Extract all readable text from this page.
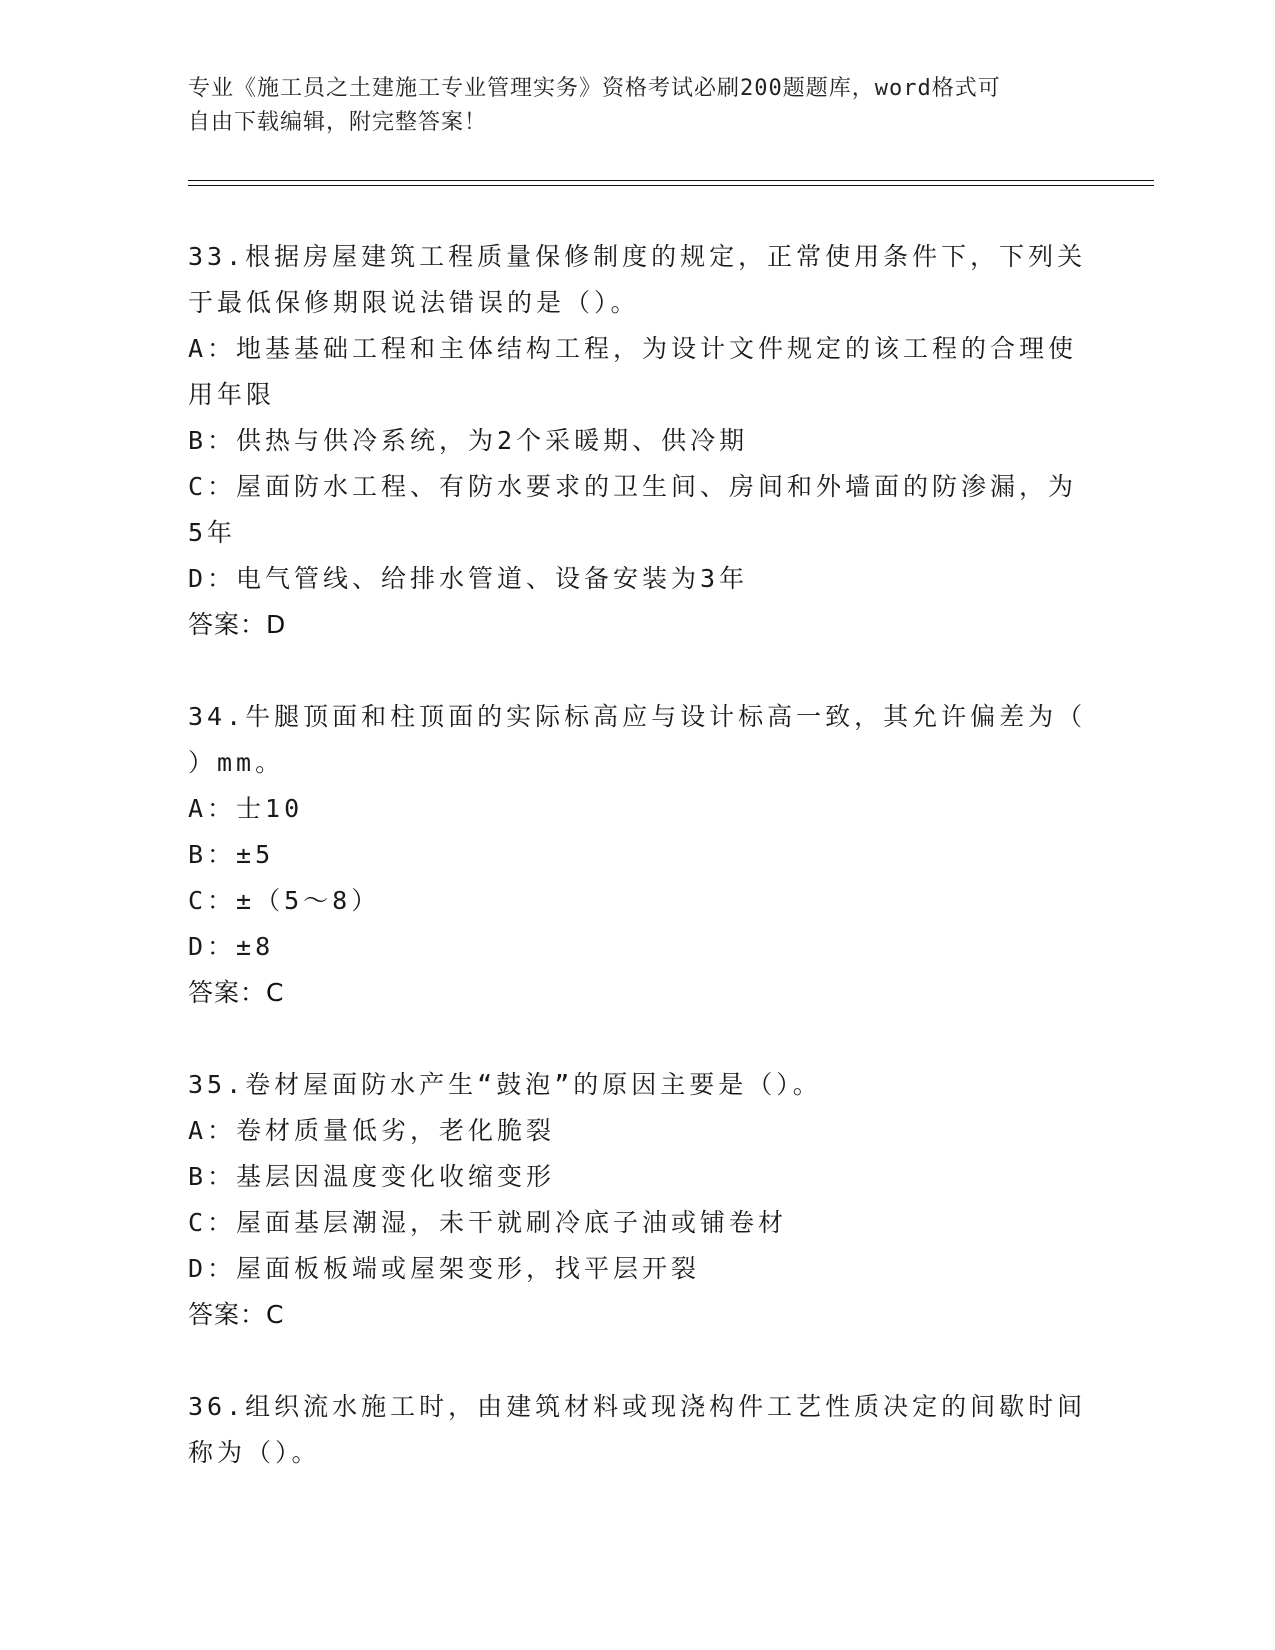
专业《施工员之土建施工专业管理实务》资格考试必刷200题题库，word格式可
自由下载编辑，附完整答案！
33.根据房屋建筑工程质量保修制度的规定，正常使用条件下，下列关
于最低保修期限说法错误的是（）。
A：地基基础工程和主体结构工程，为设计文件规定的该工程的合理使
用年限
B：供热与供冷系统，为2个采暖期、供冷期
C：屋面防水工程、有防水要求的卫生间、房间和外墙面的防渗漏，为
5年
D：电气管线、给排水管道、设备安装为3年
答案：D
34.牛腿顶面和柱顶面的实际标高应与设计标高一致，其允许偏差为（
）mm。
A：士10
B：±5
C：±（5～8）
D：±8
答案：C
35.卷材屋面防水产生“鼓泡”的原因主要是（）。
A：卷材质量低劣，老化脆裂
B：基层因温度变化收缩变形
C：屋面基层潮湿，未干就刷冷底子油或铺卷材
D：屋面板板端或屋架变形，找平层开裂
答案：C
36.组织流水施工时，由建筑材料或现浇构件工艺性质决定的间歇时间
称为（）。
